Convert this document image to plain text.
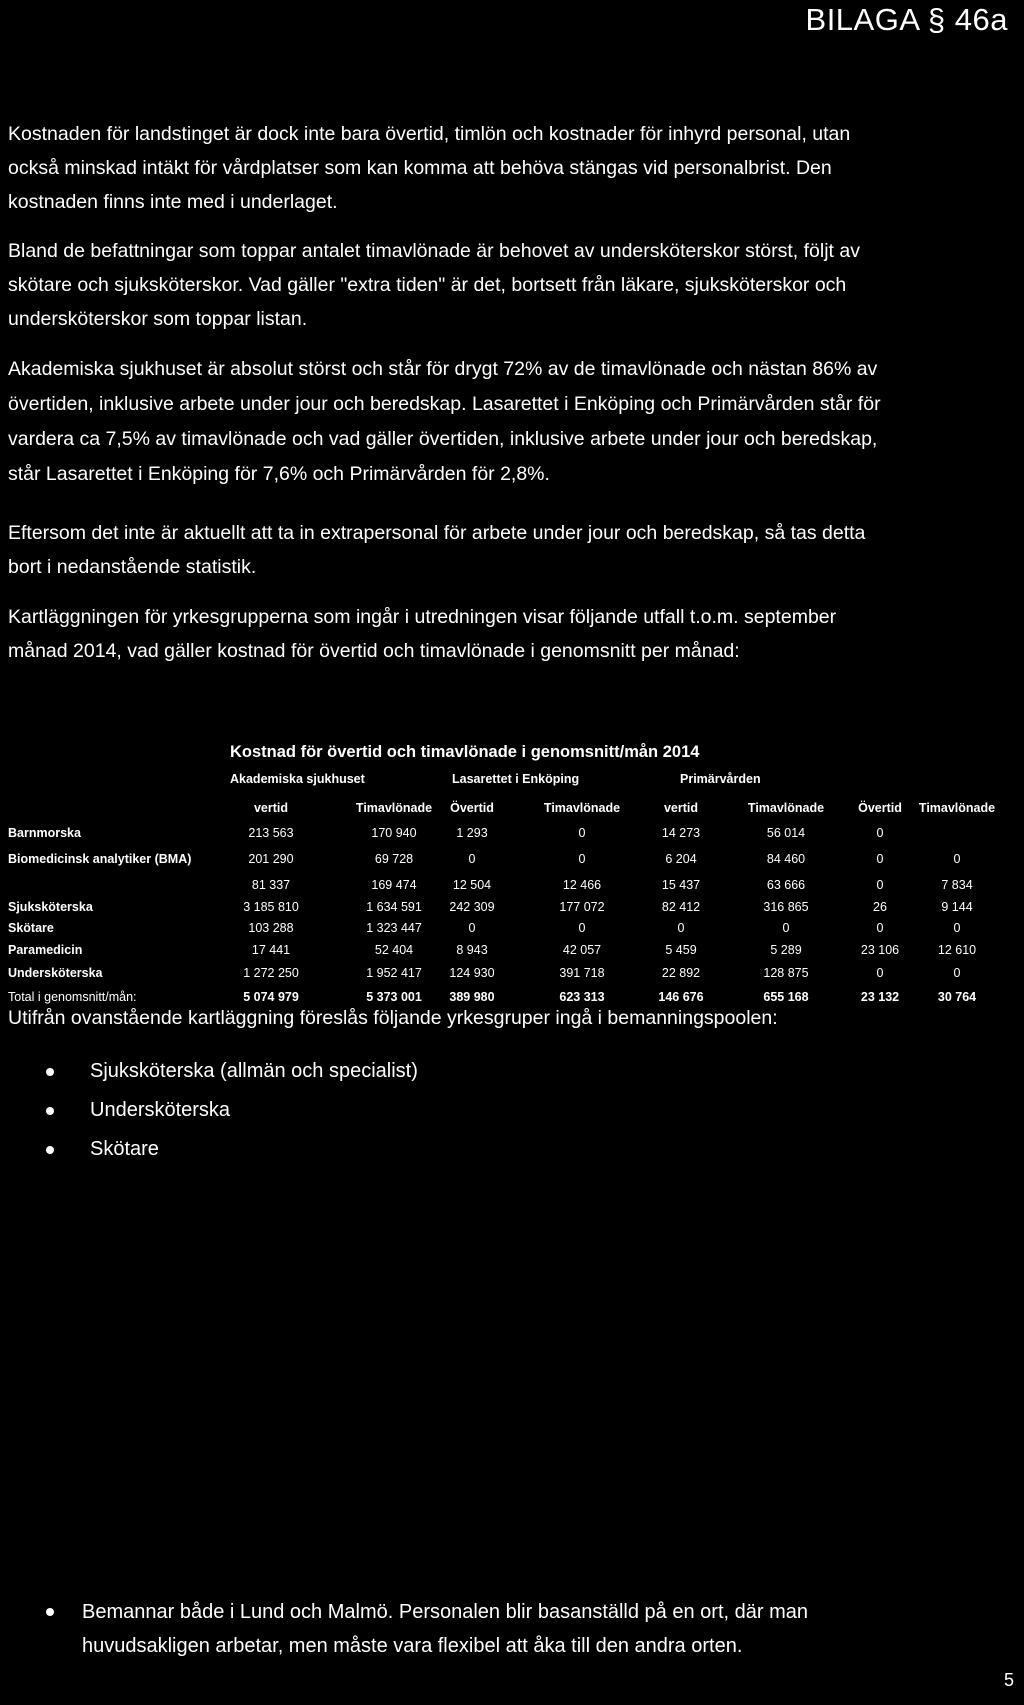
BILAGA § 46a
Kostnaden för landstinget är dock inte bara övertid, timlön och kostnader för inhyrd personal, utan
också minskad intäkt för vårdplatser som kan komma att behöva stängas vid personalbrist. Den
kostnaden finns inte med i underlaget.
Bland de befattningar som toppar antalet timavlönade är behovet av undersköterskor störst, följt av
skötare och sjuksköterskor. Vad gäller "extra tiden" är det, bortsett från läkare, sjuksköterskor och
undersköterskor som toppar listan.
Akademiska sjukhuset är absolut störst och står för drygt 72% av de timavlönade och nästan 86% av
övertiden, inklusive arbete under jour och beredskap. Lasarettet i Enköping och Primärvården står för
vardera ca 7,5% av timavlönade och vad gäller övertiden, inklusive arbete under jour och beredskap,
står Lasarettet i Enköping för 7,6% och Primärvården för 2,8%.
Eftersom det inte är aktuellt att ta in extrapersonal för arbete under jour och beredskap, så tas detta
bort i nedanstående statistik.
Kartläggningen för yrkesgrupperna som ingår i utredningen visar följande utfall t.o.m. september
månad 2014, vad gäller kostnad för övertid och timavlönade i genomsnitt per månad:
Kostnad för övertid och timavlönade i genomsnitt/mån 2014
Akademiska sjukhuset	Lasarettet i Enköping	Primärvården
vertid	Timavlönade	Övertid	Timavlönade	vertid	Timavlönade	Övertid	Timavlönade
Barnmorska	213 563	170 940	1 293	0	14 273	56 014	0
Biomedicinsk analytiker (BMA)	201 290	69 728	0	0	6 204	84 460	0	0
81 337	169 474	12 504	12 466	15 437	63 666	0	7 834
Sjuksköterska	3 185 810	1 634 591	242 309	177 072	82 412	316 865	26	9 144
Skötare	103 288	1 323 447	0	0	0	0	0	0
Paramedicin	17 441	52 404	8 943	42 057	5 459	5 289	23 106	12 610
Undersköterska	1 272 250	1 952 417	124 930	391 718	22 892	128 875	0	0
Total i genomsnitt/mån:	5 074 979	5 373 001	389 980	623 313	146 676	655 168	23 132	30 764
Utifrån ovanstående kartläggning föreslås följande yrkesgruper ingå i bemanningspoolen:
Sjuksköterska (allmän och specialist)
Undersköterska
Skötare
Bemannar både i Lund och Malmö. Personalen blir basanställd på en ort, där man
huvudsakligen arbetar, men måste vara flexibel att åka till den andra orten.
5
